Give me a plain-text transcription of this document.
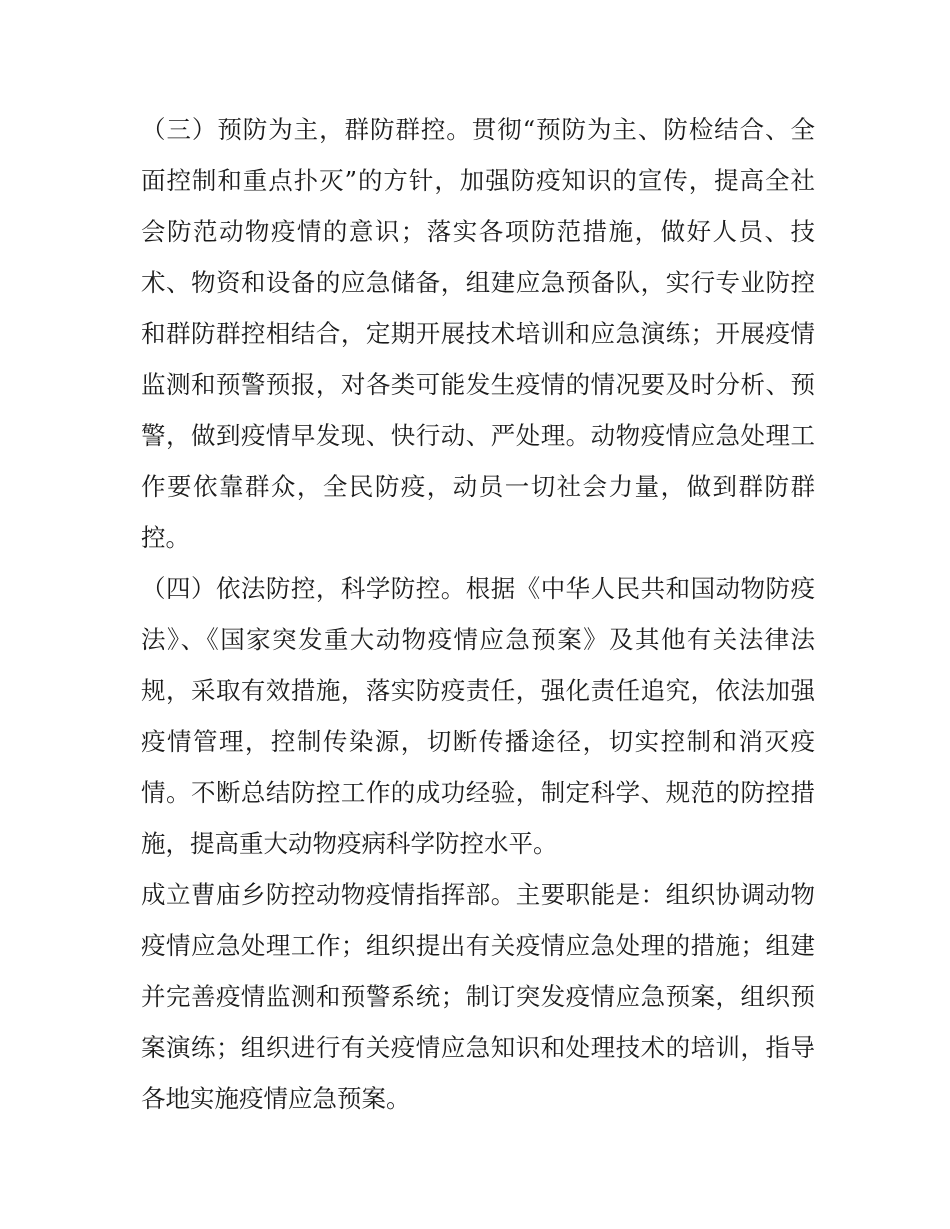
（三）预防为主，群防群控。贯彻“预防为主、防检结合、全
面控制和重点扑灭”的方针，加强防疫知识的宣传，提高全社
会防范动物疫情的意识；落实各项防范措施，做好人员、技
术、物资和设备的应急储备，组建应急预备队，实行专业防控
和群防群控相结合，定期开展技术培训和应急演练；开展疫情
监测和预警预报，对各类可能发生疫情的情况要及时分析、预
警，做到疫情早发现、快行动、严处理。动物疫情应急处理工
作要依靠群众，全民防疫，动员一切社会力量，做到群防群
控。
（四）依法防控，科学防控。根据《中华人民共和国动物防疫
法》、《国家突发重大动物疫情应急预案》及其他有关法律法
规，采取有效措施，落实防疫责任，强化责任追究，依法加强
疫情管理，控制传染源，切断传播途径，切实控制和消灭疫
情。不断总结防控工作的成功经验，制定科学、规范的防控措
施，提高重大动物疫病科学防控水平。
成立曹庙乡防控动物疫情指挥部。主要职能是：组织协调动物
疫情应急处理工作；组织提出有关疫情应急处理的措施；组建
并完善疫情监测和预警系统；制订突发疫情应急预案，组织预
案演练；组织进行有关疫情应急知识和处理技术的培训，指导
各地实施疫情应急预案。
